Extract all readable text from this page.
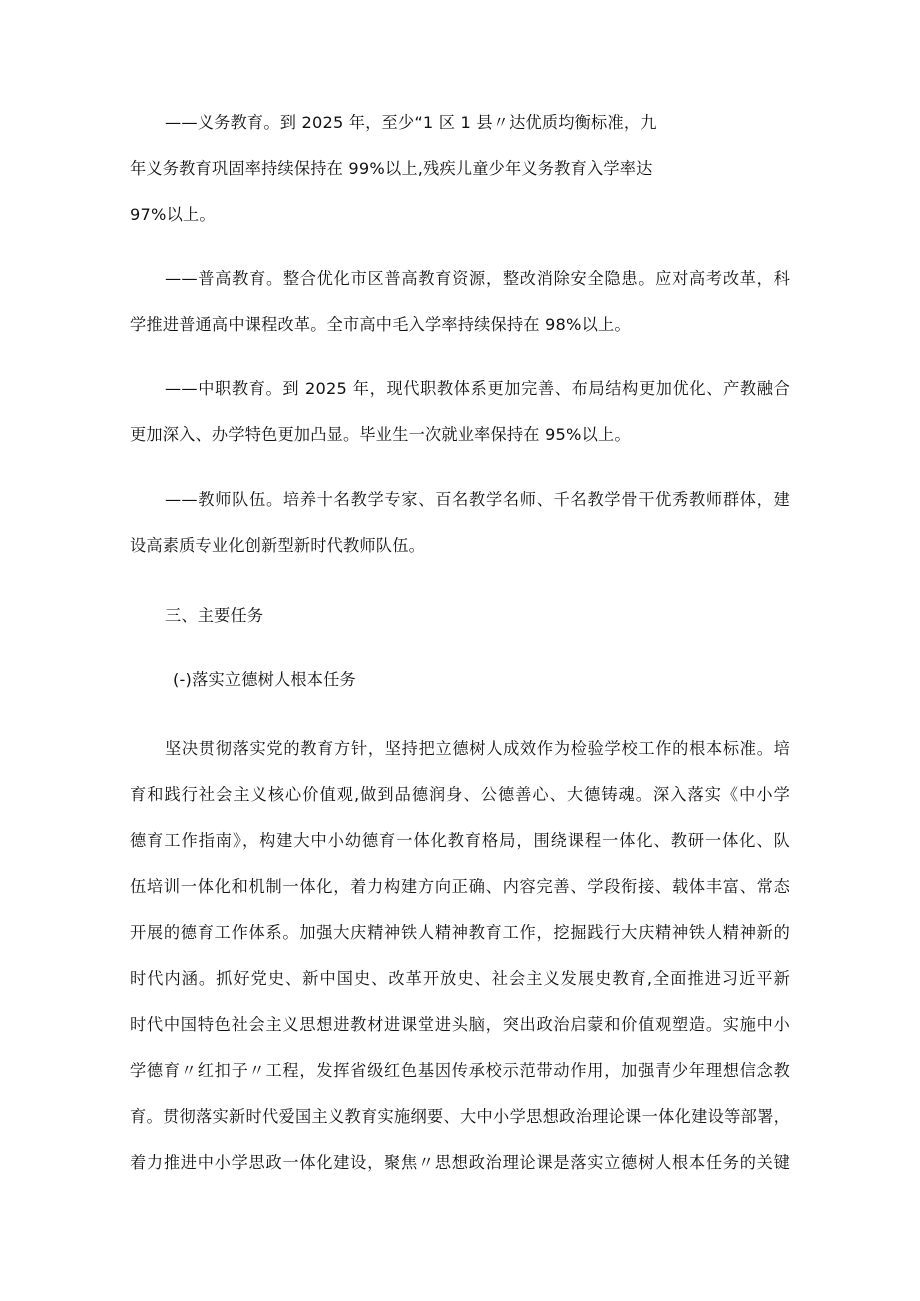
——义务教育。到 2025 年，至少“1 区 1 县〃达优质均衡标准，九

年义务教育巩固率持续保持在 99%以上,残疾儿童少年义务教育入学率达

97%以上。

——普高教育。整合优化市区普高教育资源，整改消除安全隐患。应对高考改革，科

学推进普通高中课程改革。全市高中毛入学率持续保持在 98%以上。

——中职教育。到 2025 年，现代职教体系更加完善、布局结构更加优化、产教融合

更加深入、办学特色更加凸显。毕业生一次就业率保持在 95%以上。

——教师队伍。培养十名教学专家、百名教学名师、千名教学骨干优秀教师群体，建

设高素质专业化创新型新时代教师队伍。

三、主要任务

(-)落实立德树人根本任务

坚决贯彻落实党的教育方针，坚持把立德树人成效作为检验学校工作的根本标准。培

育和践行社会主义核心价值观,做到品德润身、公德善心、大德铸魂。深入落实《中小学

德育工作指南》，构建大中小幼德育一体化教育格局，围绕课程一体化、教研一体化、队

伍培训一体化和机制一体化，着力构建方向正确、内容完善、学段衔接、载体丰富、常态

开展的德育工作体系。加强大庆精神铁人精神教育工作，挖掘践行大庆精神铁人精神新的

时代内涵。抓好党史、新中国史、改革开放史、社会主义发展史教育,全面推进习近平新

时代中国特色社会主义思想进教材进课堂进头脑，突出政治启蒙和价值观塑造。实施中小

学德育〃红扣子〃工程，发挥省级红色基因传承校示范带动作用，加强青少年理想信念教

育。贯彻落实新时代爱国主义教育实施纲要、大中小学思想政治理论课一体化建设等部署，

着力推进中小学思政一体化建设，聚焦〃思想政治理论课是落实立德树人根本任务的关键
